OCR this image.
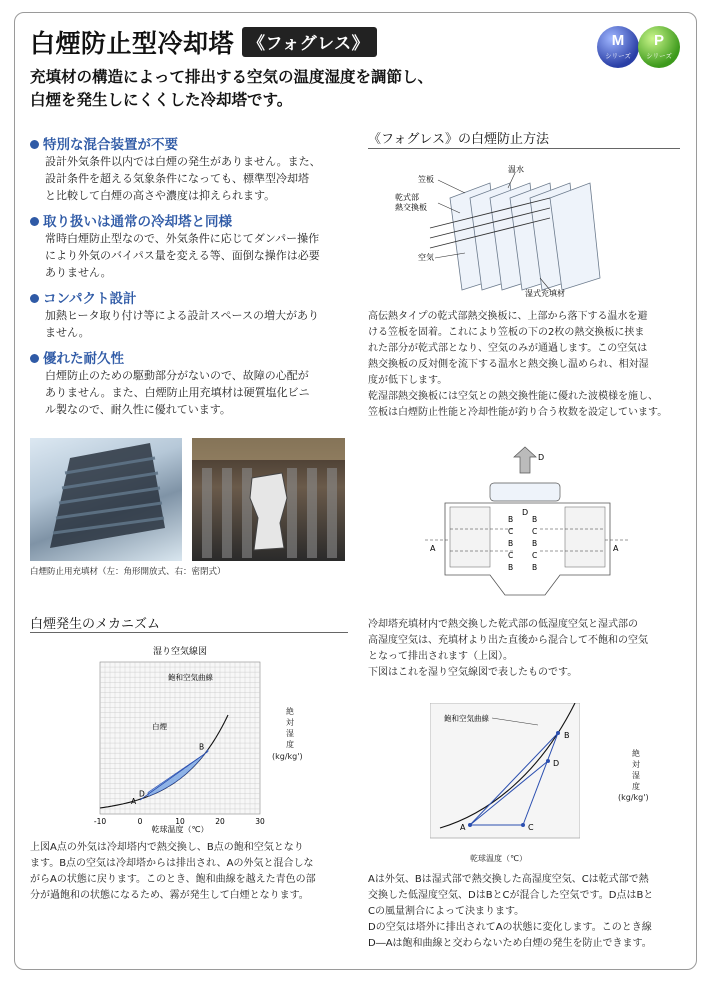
白煙防止型冷却塔 《フォグレス》	M
シリーズ
P
シリーズ
充填材の構造によって排出する空気の温度湿度を調節し、
白煙を発生しにくくした冷却塔です。
特別な混合装置が不要
設計外気条件以内では白煙の発生がありません。また、
設計条件を超える気象条件になっても、標準型冷却塔
と比較して白煙の高さや濃度は抑えられます。
取り扱いは通常の冷却塔と同様
常時白煙防止型なので、外気条件に応じてダンパー操作
により外気のバイパス量を変える等、面倒な操作は必要
ありません。
コンパクト設計
加熱ヒータ取り付け等による設計スペースの増大があり
ません。
優れた耐久性
白煙防止のための駆動部分がないので、故障の心配が
ありません。また、白煙防止用充填材は硬質塩化ビニ
ル製なので、耐久性に優れています。
白煙防止用充填材（左：角形開放式、右：密閉式）
《フォグレス》の白煙防止方法
温水
笠板
乾式部
熱交換板
空気
湿式充填材
高伝熱タイプの乾式部熱交換板に、上部から落下する温水を避
ける笠板を固着。これにより笠板の下の2枚の熱交換板に挟ま
れた部分が乾式部となり、空気のみが通過します。この空気は
熱交換板の反対側を流下する温水と熱交換し温められ、相対湿
度が低下します。
乾湿部熱交換板には空気との熱交換性能に優れた波模様を施し、
笠板は白煙防止性能と冷却性能が釣り合う枚数を設定しています。
D
D
A	A
B
C
B
C
B
B
C
B
C
B
冷却塔充填材内で熱交換した乾式部の低湿度空気と湿式部の
高湿度空気は、充填材より出た直後から混合して不飽和の空気
となって排出されます（上図）。
下図はこれを湿り空気線図で表したものです。
白煙発生のメカニズム
湿り空気線図
飽和空気曲線
白煙
A
D
B
-10	0	10	20	30
乾球温度（℃）
絶
対
湿
度
(kg/kg')
上図A点の外気は冷却塔内で熱交換し、B点の飽和空気となり
ます。B点の空気は冷却塔からは排出され、Aの外気と混合しな
がらAの状態に戻ります。このとき、飽和曲線を越えた青色の部
分が過飽和の状態になるため、霧が発生して白煙となります。
飽和空気曲線
A	C
D
B
乾球温度（℃）
絶
対
湿
度
(kg/kg')
Aは外気、Bは湿式部で熱交換した高湿度空気、Cは乾式部で熱
交換した低湿度空気、DはBとCが混合した空気です。D点はBと
Cの風量割合によって決まります。
Dの空気は塔外に排出されてAの状態に変化します。このとき線
D―Aは飽和曲線と交わらないため白煙の発生を防止できます。
